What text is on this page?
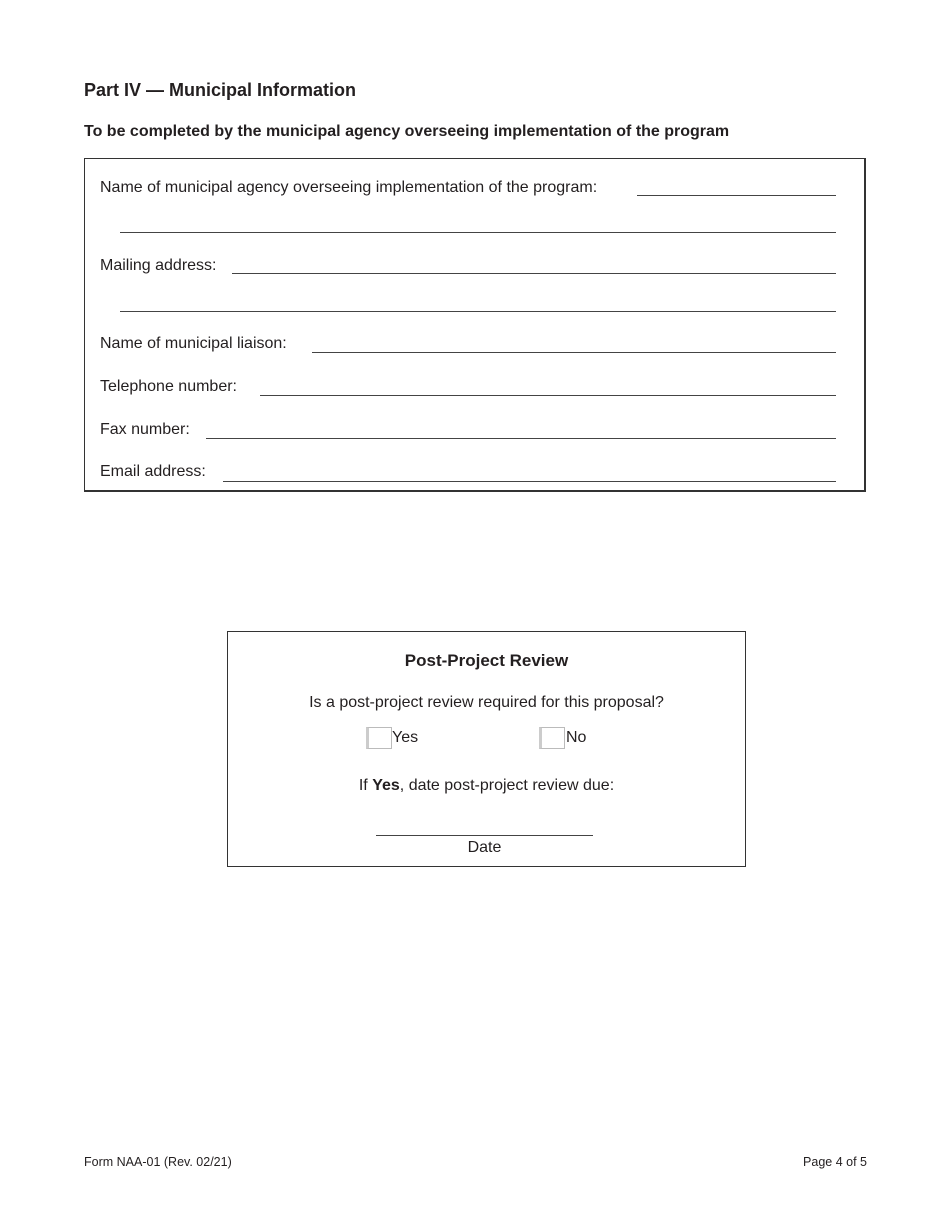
Part IV — Municipal Information
To be completed by the municipal agency overseeing implementation of the program
Name of municipal agency overseeing implementation of the program:
Mailing address:
Name of municipal liaison:
Telephone number:
Fax number:
Email address:
Post-Project Review
Is a post-project review required for this proposal?
Yes	No
If Yes, date post-project review due:
Date
Form NAA-01 (Rev. 02/21)	Page 4 of 5
